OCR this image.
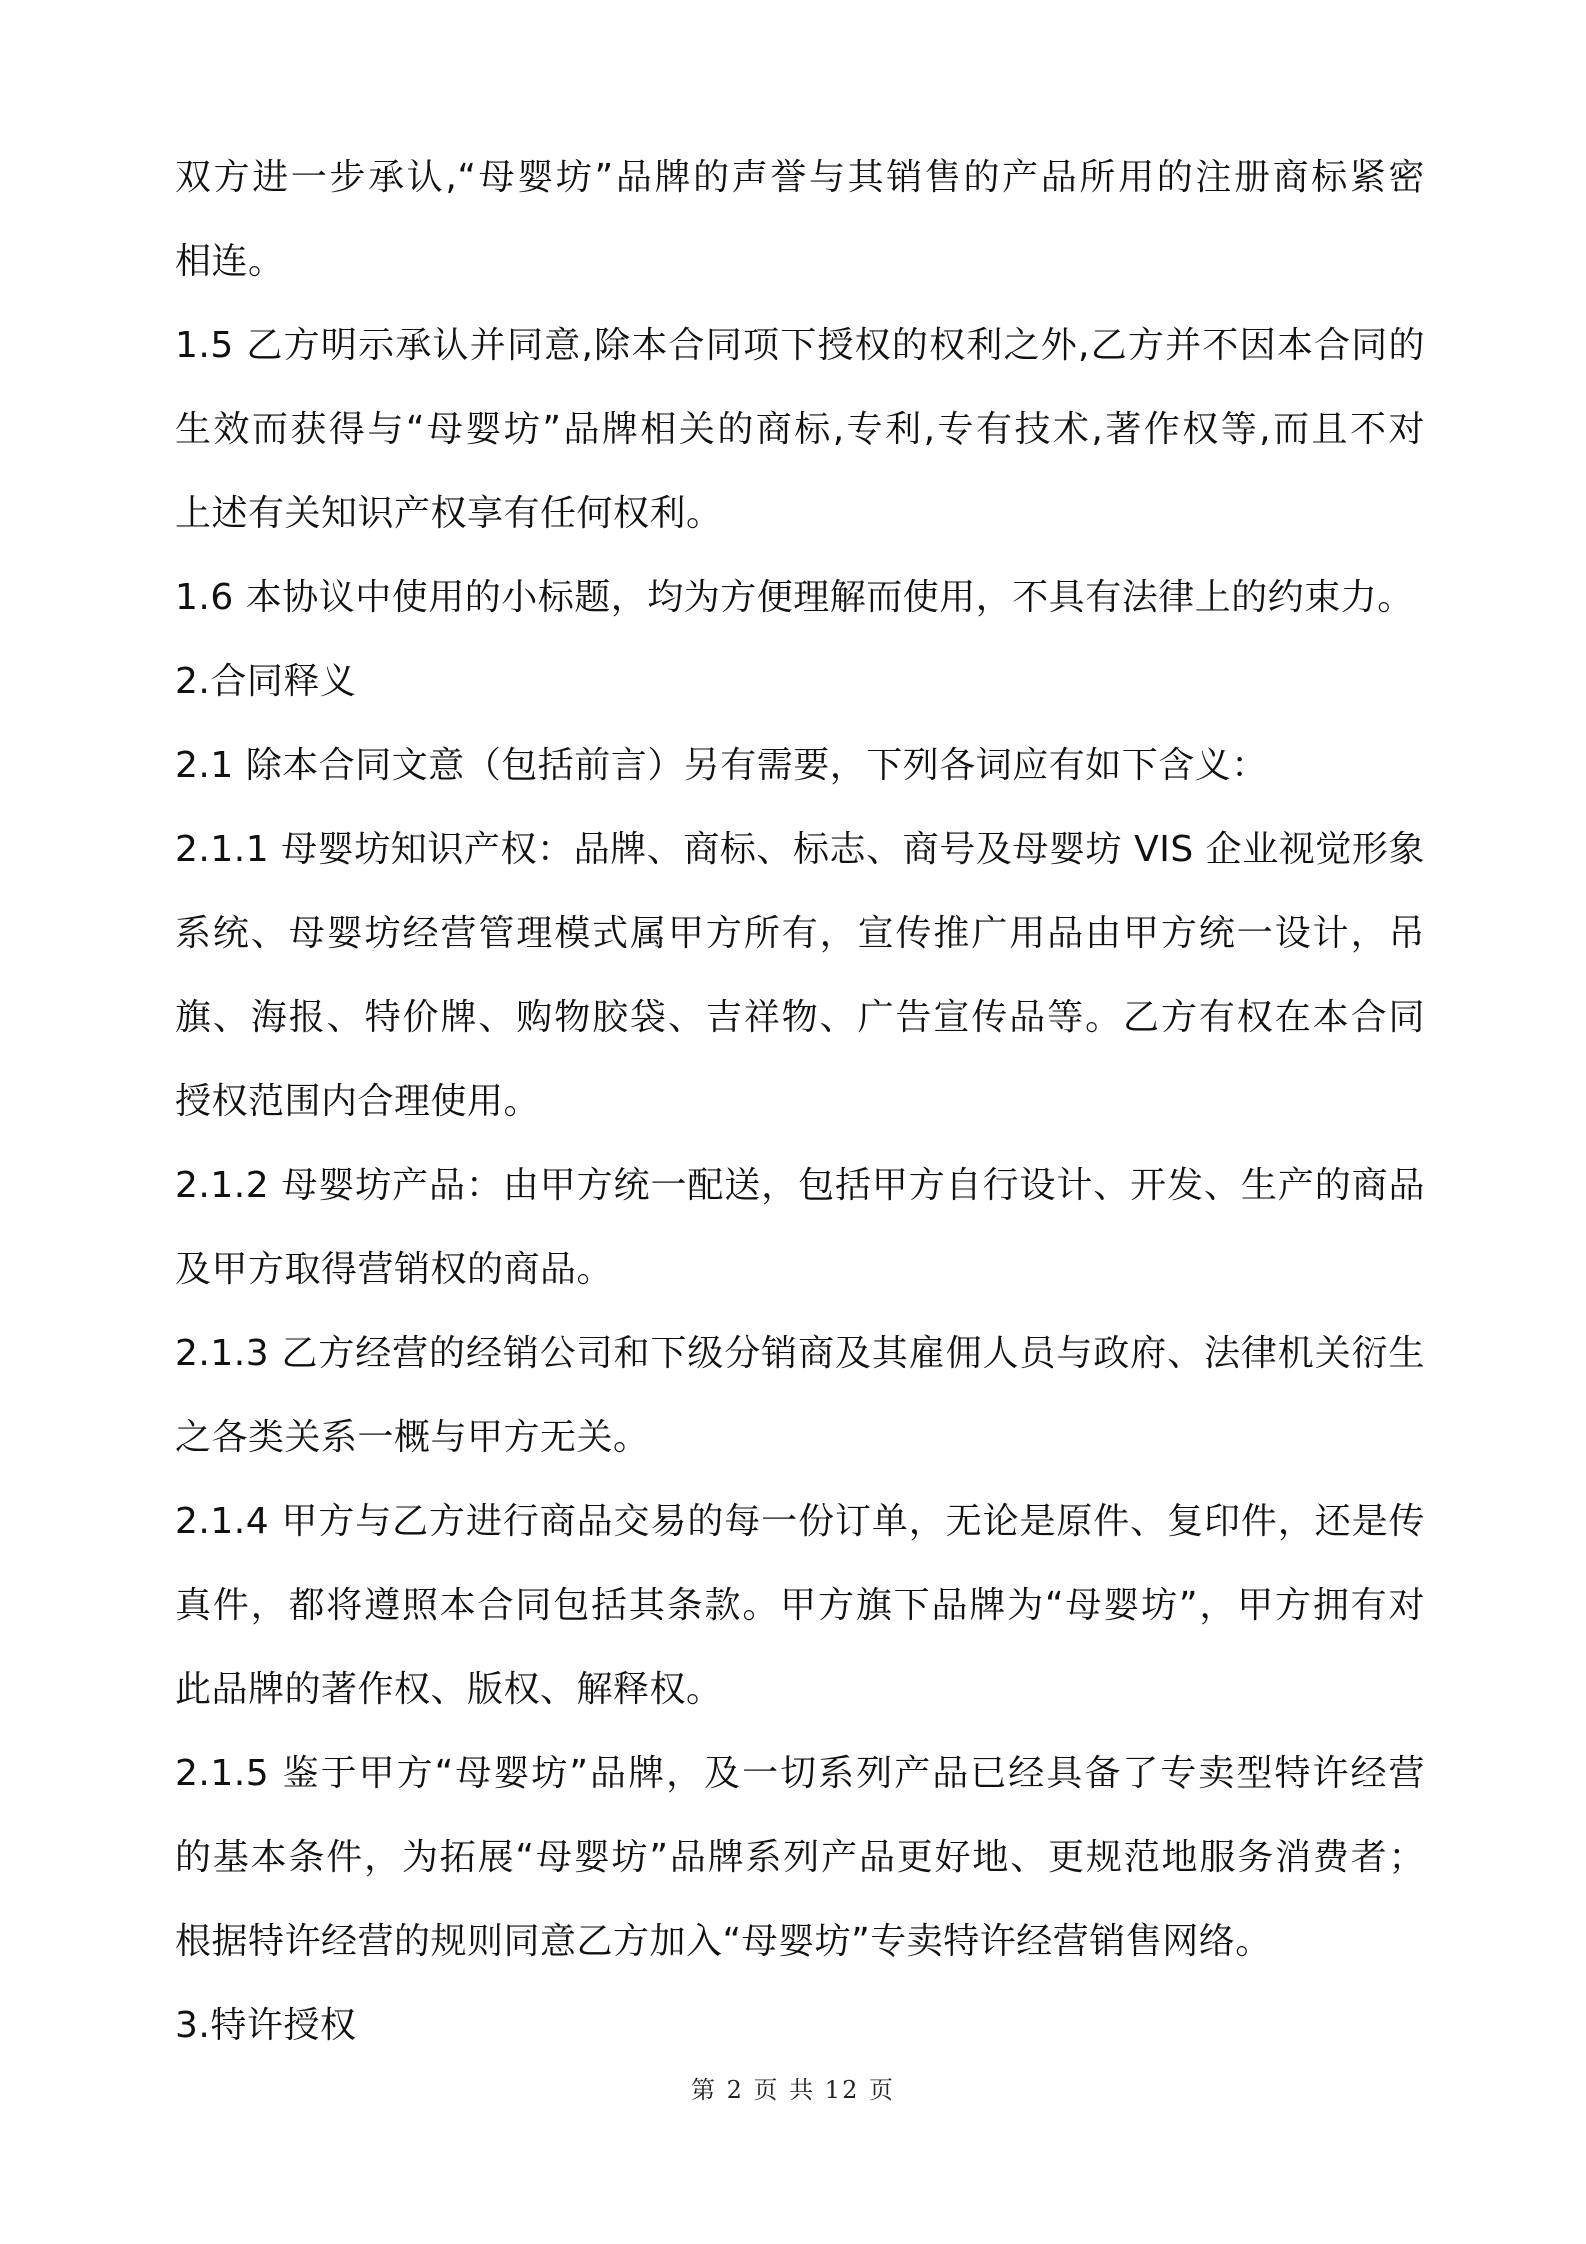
双方进一步承认,“母婴坊”品牌的声誉与其销售的产品所用的注册商标紧密
相连。
1.5 乙方明示承认并同意,除本合同项下授权的权利之外,乙方并不因本合同的
生效而获得与“母婴坊”品牌相关的商标,专利,专有技术,著作权等,而且不对
上述有关知识产权享有任何权利。
1.6 本协议中使用的小标题，均为方便理解而使用，不具有法律上的约束力。
2.合同释义
2.1 除本合同文意（包括前言）另有需要，下列各词应有如下含义：
2.1.1 母婴坊知识产权：品牌、商标、标志、商号及母婴坊 VIS 企业视觉形象
系统、母婴坊经营管理模式属甲方所有，宣传推广用品由甲方统一设计，吊
旗、海报、特价牌、购物胶袋、吉祥物、广告宣传品等。乙方有权在本合同
授权范围内合理使用。
2.1.2 母婴坊产品：由甲方统一配送，包括甲方自行设计、开发、生产的商品
及甲方取得营销权的商品。
2.1.3 乙方经营的经销公司和下级分销商及其雇佣人员与政府、法律机关衍生
之各类关系一概与甲方无关。
2.1.4 甲方与乙方进行商品交易的每一份订单，无论是原件、复印件，还是传
真件，都将遵照本合同包括其条款。甲方旗下品牌为“母婴坊”，甲方拥有对
此品牌的著作权、版权、解释权。
2.1.5 鉴于甲方“母婴坊”品牌，及一切系列产品已经具备了专卖型特许经营
的基本条件，为拓展“母婴坊”品牌系列产品更好地、更规范地服务消费者；
根据特许经营的规则同意乙方加入“母婴坊”专卖特许经营销售网络。
3.特许授权
第 2 页 共 12 页
